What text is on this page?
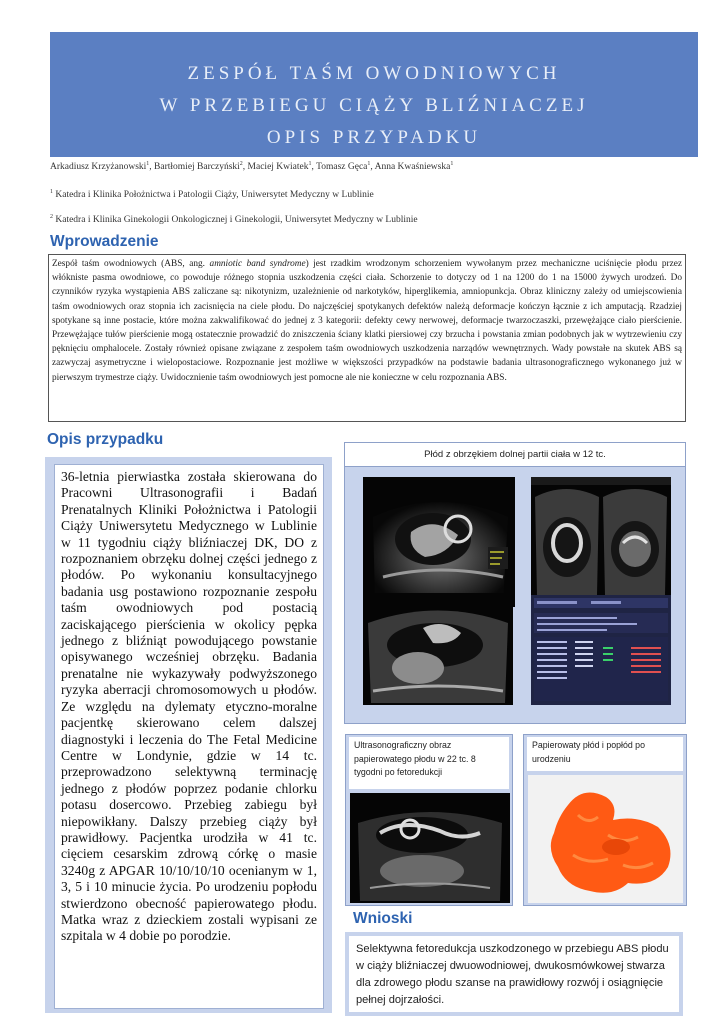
ZESPÓŁ TAŚM OWODNIOWYCH
W PRZEBIEGU CIĄŻY BLIŹNIACZEJ
OPIS PRZYPADKU
Arkadiusz Krzyżanowski$^1$, Bartłomiej Barczyński$^2$, Maciej Kwiatek$^1$, Tomasz Gęca$^1$, Anna Kwaśniewska$^1$
$^1$ Katedra i Klinika Położnictwa i Patologii Ciąży, Uniwersytet Medyczny w Lublinie
$^2$ Katedra i Klinika Ginekologii Onkologicznej i Ginekologii, Uniwersytet Medyczny w Lublinie
Wprowadzenie
Zespół taśm owodniowych (ABS, ang. amniotic band syndrome) jest rzadkim wrodzonym schorzeniem wywołanym przez mechaniczne uciśnięcie płodu przez włókniste pasma owodniowe, co powoduje różnego stopnia uszkodzenia części ciała. Schorzenie to dotyczy od 1 na 1200 do 1 na 15000 żywych urodzeń. Do czynników ryzyka wystąpienia ABS zaliczane są: nikotynizm, uzależnienie od narkotyków, hiperglikemia, amniopunkcja. Obraz kliniczny zależy od umiejscowienia taśm owodniowych oraz stopnia ich zacisnięcia na ciele płodu. Do najczęściej spotykanych defektów należą deformacje kończyn łącznie z ich amputacją. Rzadziej spotykane są inne postacie, które można zakwalifikować do jednej z 3 kategorii: defekty cewy nerwowej, deformacje twarzoczaszki, przewężające ciało pierścienie. Przewężające tułów pierścienie mogą ostatecznie prowadzić do zniszczenia ściany klatki piersiowej czy brzucha i powstania zmian podobnych jak w wytrzewieniu czy pęknięciu omphalocele. Zostały również opisane związane z zespołem taśm owodniowych uszkodzenia narządów wewnętrznych. Wady powstałe na skutek ABS są zazwyczaj asymetryczne i wielopostaciowe. Rozpoznanie jest możliwe w większości przypadków na podstawie badania ultrasonograficznego wykonanego już w pierwszym trymestrze ciąży. Uwidocznienie taśm owodniowych jest pomocne ale nie konieczne w celu rozpoznania ABS.
Opis przypadku
36-letnia pierwiastka została skierowana do Pracowni Ultrasonografii i Badań Prenatalnych Kliniki Położnictwa i Patologii Ciąży Uniwersytetu Medycznego w Lublinie w 11 tygodniu ciąży bliźniaczej DK, DO z rozpoznaniem obrzęku dolnej części jednego z płodów. Po wykonaniu konsultacyjnego badania usg postawiono rozpoznanie zespołu taśm owodniowych pod postacią zaciskającego pierścienia w okolicy pępka jednego z bliźniąt powodującego powstanie opisywanego wcześniej obrzęku. Badania prenatalne nie wykazywały podwyższonego ryzyka aberracji chromosomowych u płodów. Ze względu na dylematy etyczno-moralne pacjentkę skierowano celem dalszej diagnostyki i leczenia do The Fetal Medicine Centre w Londynie, gdzie w 14 tc. przeprowadzono selektywną terminację jednego z płodów poprzez podanie chlorku potasu dosercowo. Przebieg zabiegu był niepowikłany. Dalszy przebieg ciąży był prawidłowy. Pacjentka urodziła w 41 tc. cięciem cesarskim zdrową córkę o masie 3240g z APGAR 10/10/10/10 ocenianym w 1, 3, 5 i 10 minucie życia. Po urodzeniu popłodu stwierdzono obecność papierowatego płodu. Matka wraz z dzieckiem zostali wypisani ze szpitala w 4 dobie po porodzie.
Płód z obrzękiem dolnej partii ciała w 12 tc.
Ultrasonograficzny obraz papierowatego płodu w 22 tc. 8 tygodni po fetoredukcji
Papierowaty płód i popłód po urodzeniu
Wnioski
Selektywna fetoredukcja uszkodzonego w przebiegu ABS płodu w ciąży bliźniaczej dwuowodniowej, dwukosmówkowej stwarza dla zdrowego płodu szanse na prawidłowy rozwój i osiągnięcie pełnej dojrzałości.
